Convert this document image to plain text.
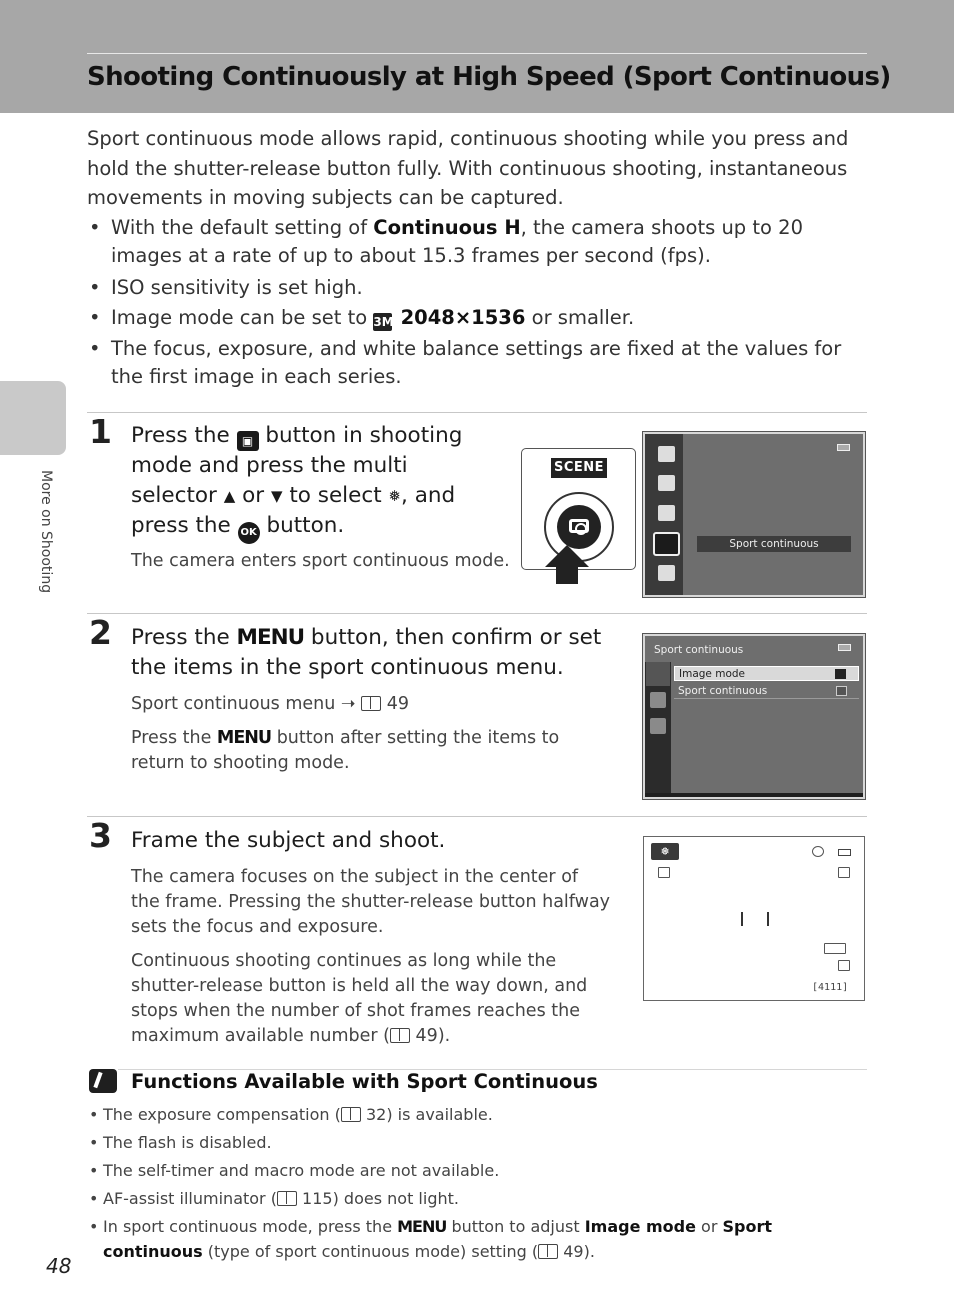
Shooting Continuously at High Speed (Sport Continuous)
More on Shooting
48

Sport continuous mode allows rapid, continuous shooting while you press and hold the shutter-release button fully. With continuous shooting, instantaneous movements in moving subjects can be captured.

• With the default setting of Continuous H, the camera shoots up to 20 images at a rate of up to about 15.3 frames per second (fps).
• ISO sensitivity is set high.
• Image mode can be set to 3M 2048×1536 or smaller.
• The focus, exposure, and white balance settings are fixed at the values for the first image in each series.
1 Press the ▣ button in shooting mode and press the multi selector ▲ or ▼ to select ❅, and press the OK button.
The camera enters sport continuous mode.
SCENE
Sport continuous
2 Press the MENU button, then confirm or set the items in the sport continuous menu.
Sport continuous menu ➝  49
Press the MENU button after setting the items to return to shooting mode.
Sport continuous
Image mode
Sport continuous
3 Frame the subject and shoot.
The camera focuses on the subject in the center of the frame. Pressing the shutter-release button halfway sets the focus and exposure.
Continuous shooting continues as long while the shutter-release button is held all the way down, and stops when the number of shot frames reaches the maximum available number ( 49).
❅
[4111]
Functions Available with Sport Continuous
• The exposure compensation ( 32) is available.
• The flash is disabled.
• The self-timer and macro mode are not available.
• AF-assist illuminator ( 115) does not light.
• In sport continuous mode, press the MENU button to adjust Image mode or Sport continuous (type of sport continuous mode) setting ( 49).
